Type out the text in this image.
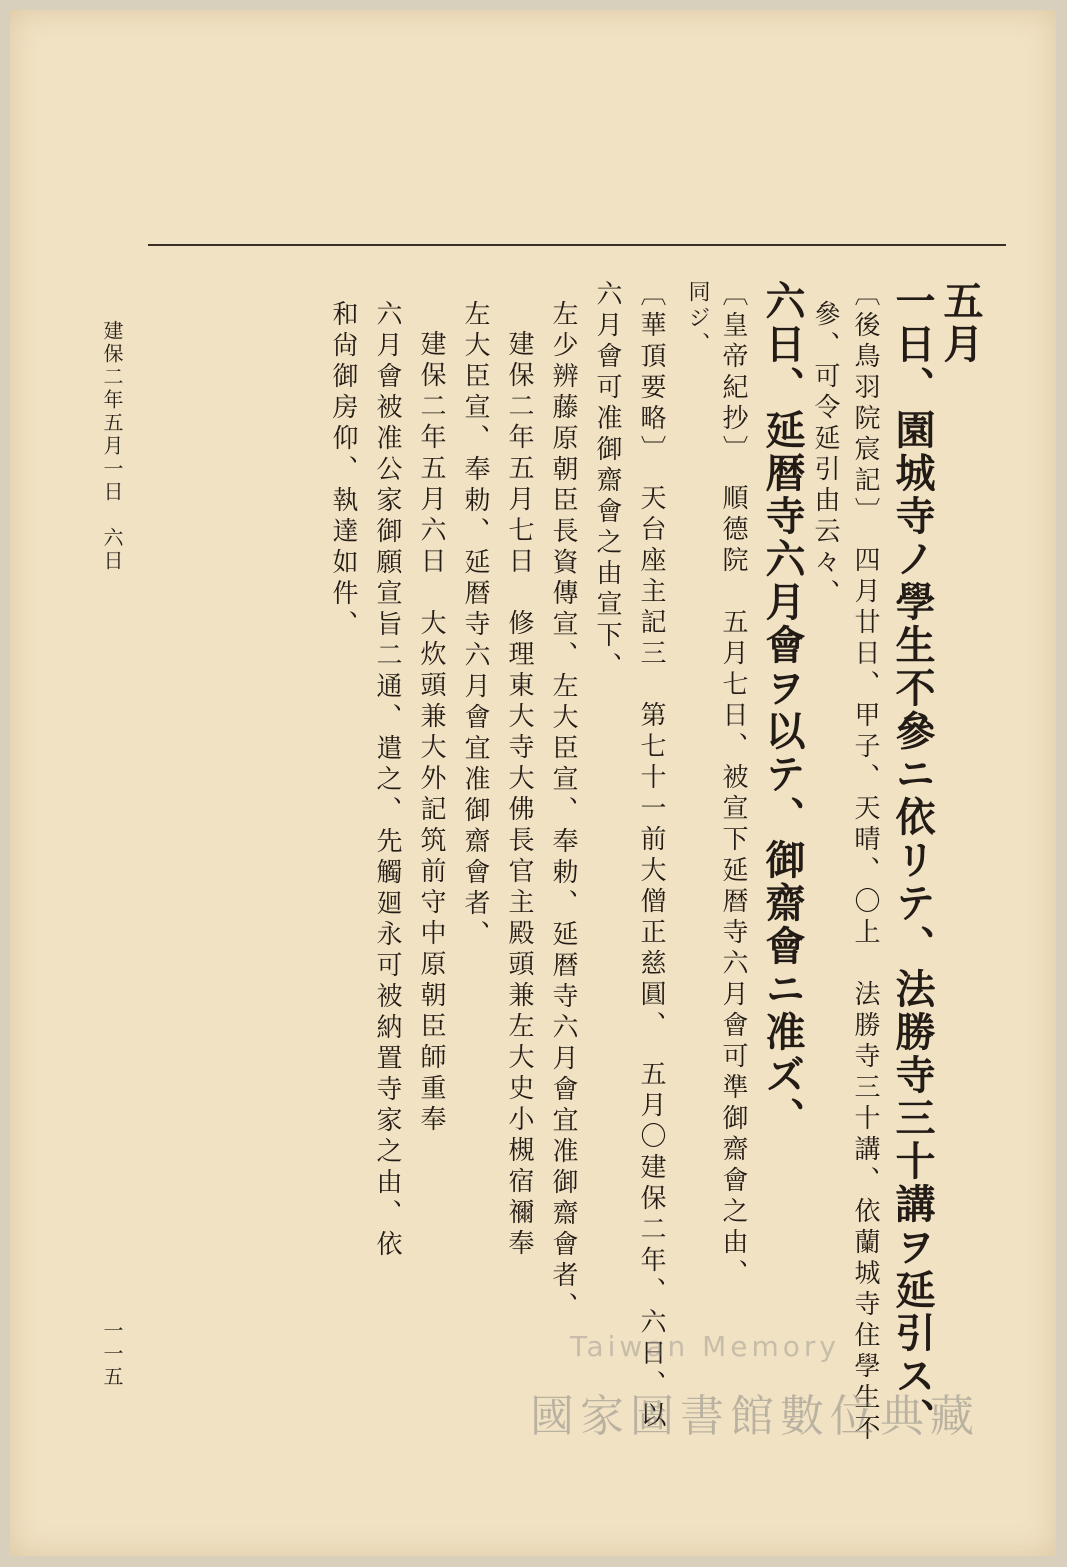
五月
一日、園城寺ノ學生不參ニ依リテ、法勝寺三十講ヲ延引ス、
〔後鳥羽院宸記〕　四月廿日、甲子、天晴、〇上　法勝寺三十講、依蘭城寺住學生不
參、可令延引由云々、
六日、延暦寺六月會ヲ以テ、御齋會ニ准ズ、
〔皇帝紀抄〕　順德院　五月七日、被宣下延暦寺六月會可準御齋會之由、
同ジ、
〔華頂要略〕　天台座主記三　第七十一前大僧正慈圓、　五月〇建保二年、六日、以
六月會可准御齋會之由宣下、
左少辨藤原朝臣長資傳宣、左大臣宣、奉勅、延暦寺六月會宜准御齋會者、
建保二年五月七日　修理東大寺大佛長官主殿頭兼左大史小槻宿禰奉
左大臣宣、奉勅、延暦寺六月會宜准御齋會者、
建保二年五月六日　大炊頭兼大外記筑前守中原朝臣師重奉
六月會被准公家御願宣旨二通、遣之、先觸廻永可被納置寺家之由、依
和尙御房仰、執達如件、
建保二年五月一日　六日
一一五	Taiwan Memory
國家圖書館數位典藏
